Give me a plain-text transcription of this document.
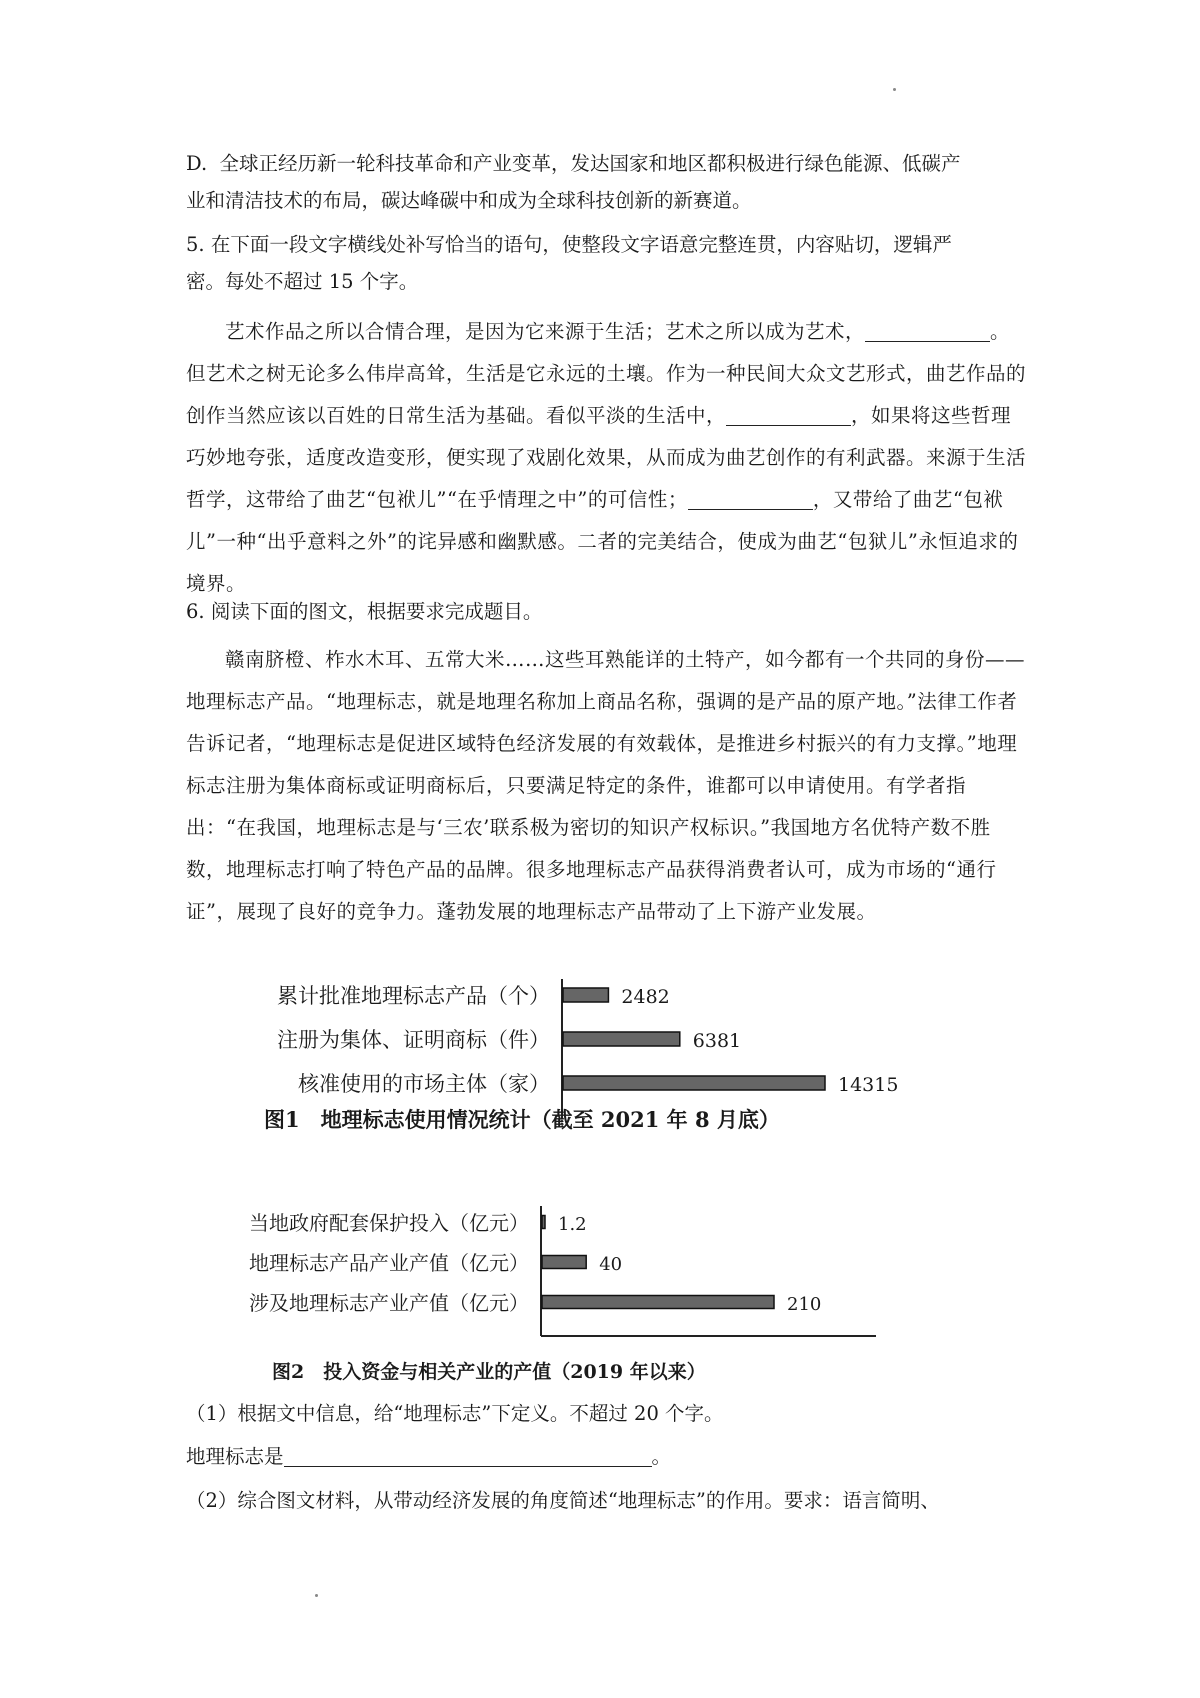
D. 全球正经历新一轮科技革命和产业变革，发达国家和地区都积极进行绿色能源、低碳产

业和清洁技术的布局，碳达峰碳中和成为全球科技创新的新赛道。

5. 在下面一段文字横线处补写恰当的语句，使整段文字语意完整连贯，内容贴切，逻辑严

密。每处不超过 15 个字。

艺术作品之所以合情合理，是因为它来源于生活；艺术之所以成为艺术，	。但艺术之树无论多么伟岸高耸，生活是它永远的土壤。作为一种民间大众文艺形式，曲艺作品的创作当然应该以百姓的日常生活为基础。看似平淡的生活中，	，如果将这些哲理巧妙地夸张，适度改造变形，便实现了戏剧化效果，从而成为曲艺创作的有利武器。来源于生活哲学，这带给了曲艺“包袱儿”“在乎情理之中”的可信性；	，又带给了曲艺“包袱儿”一种“出乎意料之外”的诧异感和幽默感。二者的完美结合，使成为曲艺“包狱儿”永恒追求的境界。

6. 阅读下面的图文，根据要求完成题目。

赣南脐橙、柞水木耳、五常大米……这些耳熟能详的土特产，如今都有一个共同的身份——地理标志产品。“地理标志，就是地理名称加上商品名称，强调的是产品的原产地。”法律工作者告诉记者，“地理标志是促进区域特色经济发展的有效载体，是推进乡村振兴的有力支撑。”地理标志注册为集体商标或证明商标后，只要满足特定的条件，谁都可以申请使用。有学者指出：“在我国，地理标志是与‘三农’联系极为密切的知识产权标识。”我国地方名优特产数不胜数，地理标志打响了特色产品的品牌。很多地理标志产品获得消费者认可，成为市场的“通行证”，展现了良好的竞争力。蓬勃发展的地理标志产品带动了上下游产业发展。

累计批准地理标志产品（个）	2482
注册为集体、证明商标（件）	6381
核准使用的市场主体（家）	14315
图1　地理标志使用情况统计（截至 2021 年 8 月底）
当地政府配套保护投入（亿元） 1.2
地理标志产品产业产值（亿元）	40
涉及地理标志产业产值（亿元）	210
图2　投入资金与相关产业的产值（2019 年以来）

（1）根据文中信息，给“地理标志”下定义。不超过 20 个字。

地理标志是	。

（2）综合图文材料，从带动经济发展的角度简述“地理标志”的作用。要求：语言简明、
